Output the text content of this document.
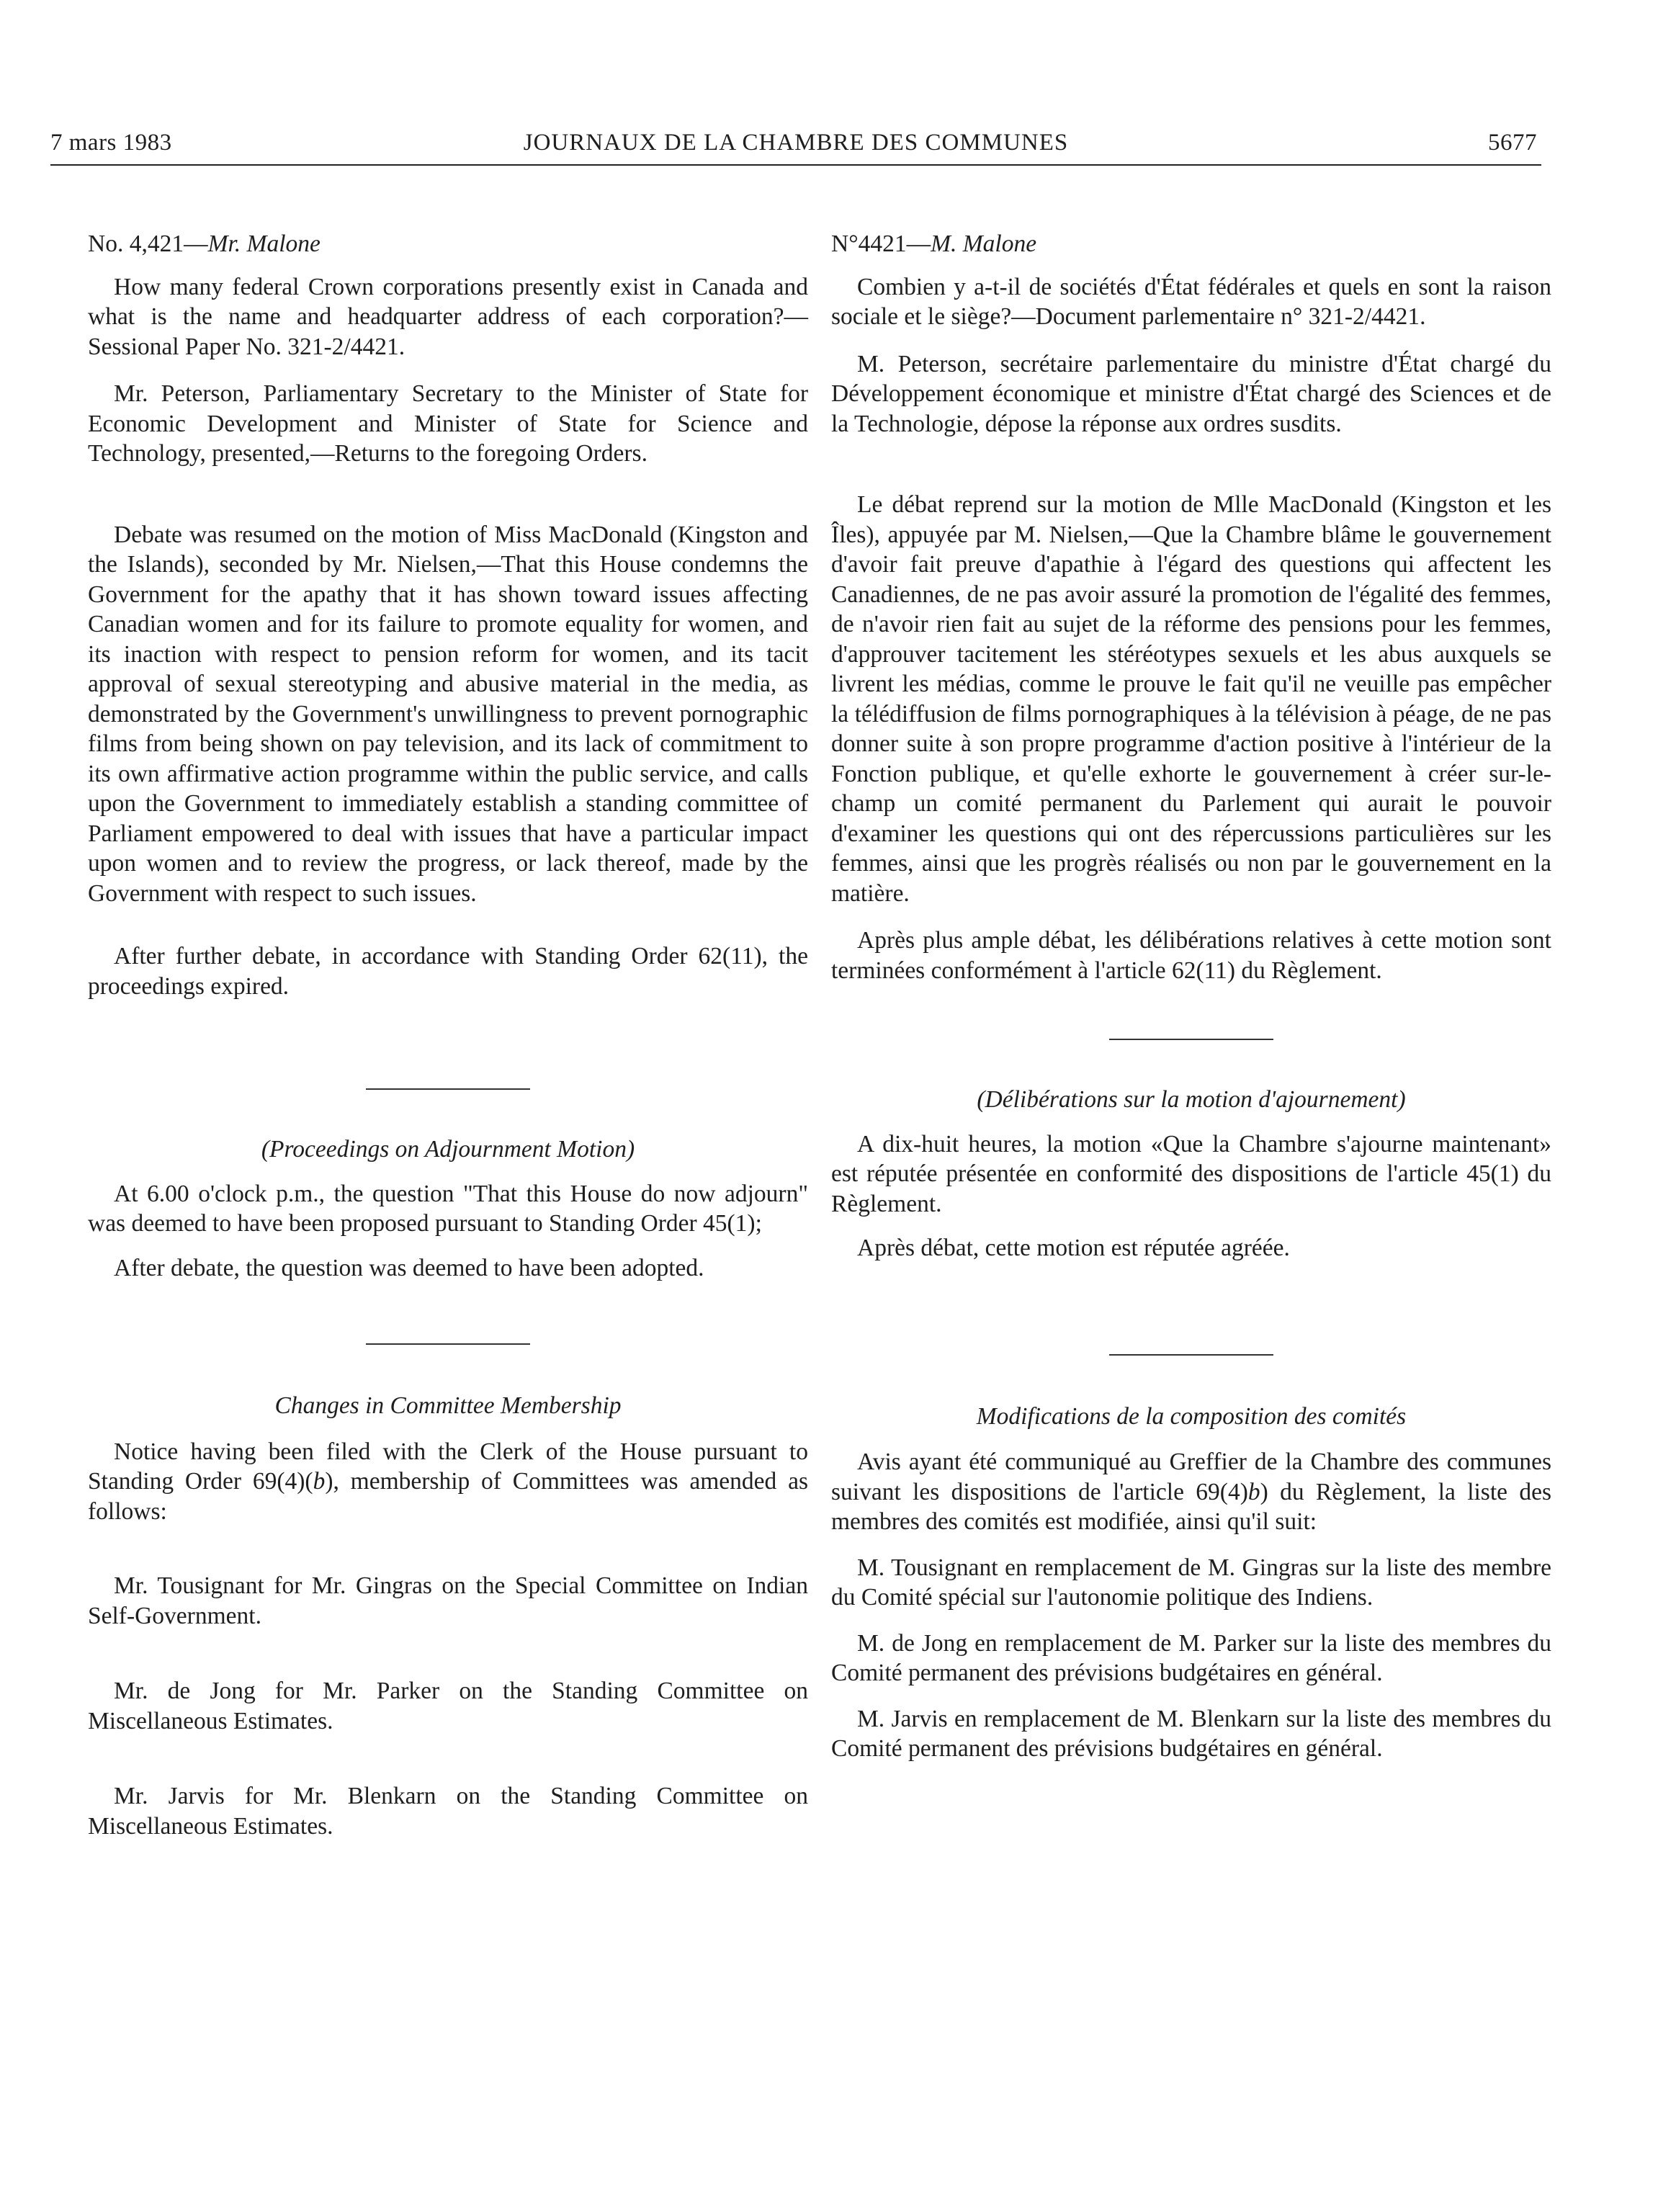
7 mars 1983	JOURNAUX DE LA CHAMBRE DES COMMUNES	5677

No. 4,421—Mr. Malone

How many federal Crown corporations presently exist in Canada and what is the name and headquarter address of each corporation?—Sessional Paper No. 321-2/4421.

Mr. Peterson, Parliamentary Secretary to the Minister of State for Economic Development and Minister of State for Science and Technology, presented,—Returns to the foregoing Orders.

Debate was resumed on the motion of Miss MacDonald (Kingston and the Islands), seconded by Mr. Nielsen,—That this House condemns the Government for the apathy that it has shown toward issues affecting Canadian women and for its failure to promote equality for women, and its inaction with respect to pension reform for women, and its tacit approval of sexual stereotyping and abusive material in the media, as demonstrated by the Government's unwillingness to prevent pornographic films from being shown on pay television, and its lack of commitment to its own affirmative action programme within the public service, and calls upon the Government to immediately establish a standing committee of Parliament empowered to deal with issues that have a particular impact upon women and to review the progress, or lack thereof, made by the Government with respect to such issues.

After further debate, in accordance with Standing Order 62(11), the proceedings expired.

(Proceedings on Adjournment Motion)

At 6.00 o'clock p.m., the question "That this House do now adjourn" was deemed to have been proposed pursuant to Standing Order 45(1);

After debate, the question was deemed to have been adopted.

Changes in Committee Membership

Notice having been filed with the Clerk of the House pursuant to Standing Order 69(4)(b), membership of Committees was amended as follows:

Mr. Tousignant for Mr. Gingras on the Special Committee on Indian Self-Government.

Mr. de Jong for Mr. Parker on the Standing Committee on Miscellaneous Estimates.

Mr. Jarvis for Mr. Blenkarn on the Standing Committee on Miscellaneous Estimates.

N°4421—M. Malone

Combien y a-t-il de sociétés d'État fédérales et quels en sont la raison sociale et le siège?—Document parlementaire n° 321-2/4421.

M. Peterson, secrétaire parlementaire du ministre d'État chargé du Développement économique et ministre d'État chargé des Sciences et de la Technologie, dépose la réponse aux ordres susdits.

Le débat reprend sur la motion de Mlle MacDonald (Kingston et les Îles), appuyée par M. Nielsen,—Que la Chambre blâme le gouvernement d'avoir fait preuve d'apathie à l'égard des questions qui affectent les Canadiennes, de ne pas avoir assuré la promotion de l'égalité des femmes, de n'avoir rien fait au sujet de la réforme des pensions pour les femmes, d'approuver tacitement les stéréotypes sexuels et les abus auxquels se livrent les médias, comme le prouve le fait qu'il ne veuille pas empêcher la télédiffusion de films pornographiques à la télévision à péage, de ne pas donner suite à son propre programme d'action positive à l'intérieur de la Fonction publique, et qu'elle exhorte le gouvernement à créer sur-le-champ un comité permanent du Parlement qui aurait le pouvoir d'examiner les questions qui ont des répercussions particulières sur les femmes, ainsi que les progrès réalisés ou non par le gouvernement en la matière.

Après plus ample débat, les délibérations relatives à cette motion sont terminées conformément à l'article 62(11) du Règlement.

(Délibérations sur la motion d'ajournement)

A dix-huit heures, la motion «Que la Chambre s'ajourne maintenant» est réputée présentée en conformité des dispositions de l'article 45(1) du Règlement.

Après débat, cette motion est réputée agréée.

Modifications de la composition des comités

Avis ayant été communiqué au Greffier de la Chambre des communes suivant les dispositions de l'article 69(4)b) du Règlement, la liste des membres des comités est modifiée, ainsi qu'il suit:

M. Tousignant en remplacement de M. Gingras sur la liste des membre du Comité spécial sur l'autonomie politique des Indiens.

M. de Jong en remplacement de M. Parker sur la liste des membres du Comité permanent des prévisions budgétaires en général.

M. Jarvis en remplacement de M. Blenkarn sur la liste des membres du Comité permanent des prévisions budgétaires en général.
